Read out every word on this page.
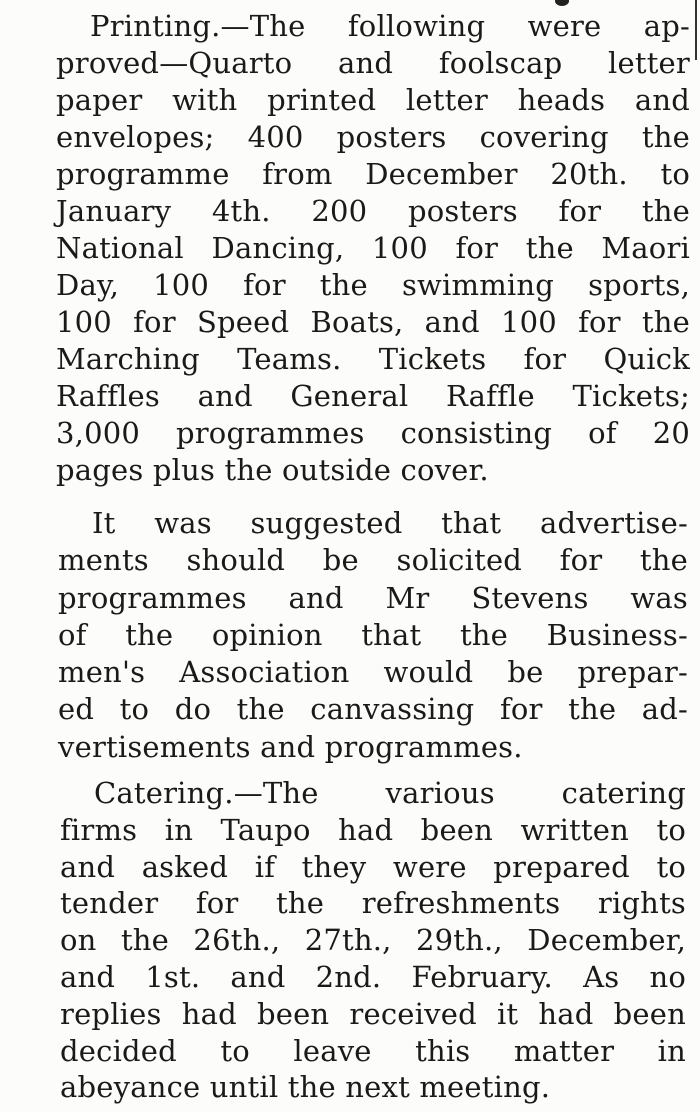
Printing.—The following were ap-
proved—Quarto and foolscap letter
paper with printed letter heads and
envelopes; 400 posters covering the
programme from December 20th. to
January 4th. 200 posters for the
National Dancing, 100 for the Maori
Day, 100 for the swimming sports,
100 for Speed Boats, and 100 for the
Marching Teams. Tickets for Quick
Raffles and General Raffle Tickets;
3,000 programmes consisting of 20
pages plus the outside cover.
It was suggested that advertise-
ments should be solicited for the
programmes and Mr Stevens was
of the opinion that the Business-
men's Association would be prepar-
ed to do the canvassing for the ad-
vertisements and programmes.
Catering.—The various catering
firms in Taupo had been written to
and asked if they were prepared to
tender for the refreshments rights
on the 26th., 27th., 29th., December,
and 1st. and 2nd. February. As no
replies had been received it had been
decided to leave this matter in
abeyance until the next meeting.
